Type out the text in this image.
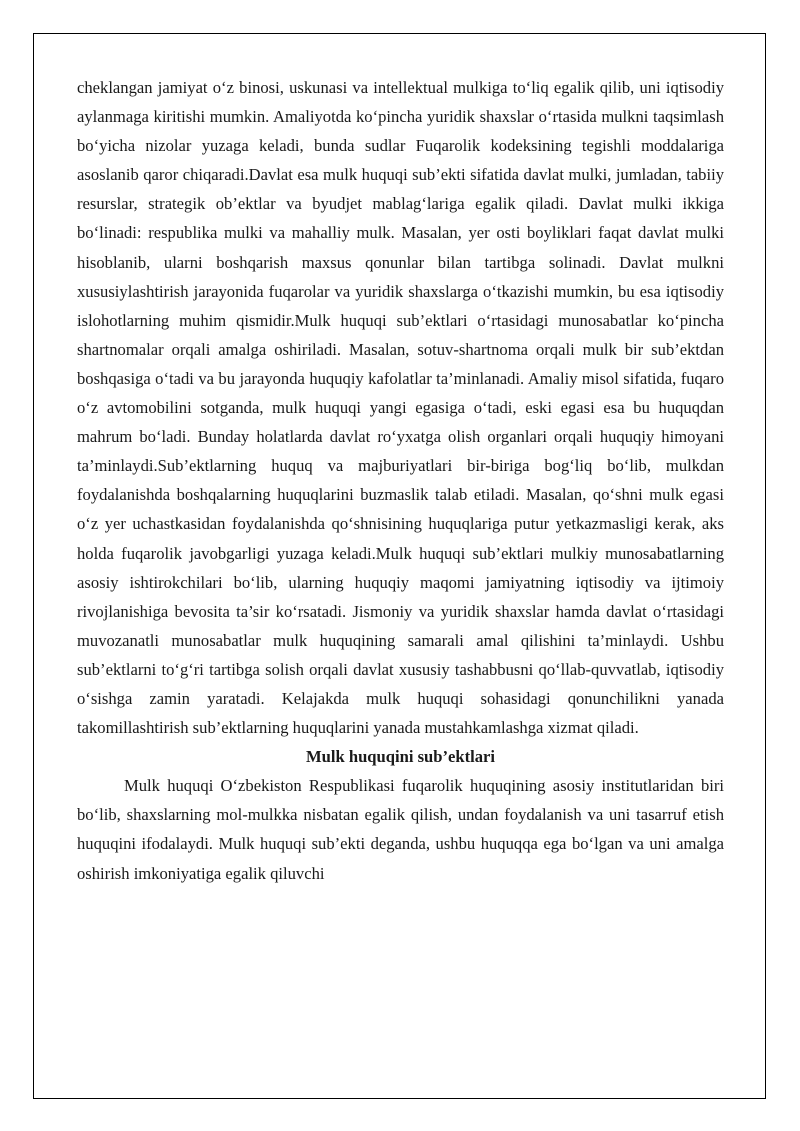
cheklangan jamiyat o‘z binosi, uskunasi va intellektual mulkiga to‘liq egalik qilib, uni iqtisodiy aylanmaga kiritishi mumkin. Amaliyotda ko‘pincha yuridik shaxslar o‘rtasida mulkni taqsimlash bo‘yicha nizolar yuzaga keladi, bunda sudlar Fuqarolik kodeksining tegishli moddalariga asoslanib qaror chiqaradi.Davlat esa mulk huquqi sub’ekti sifatida davlat mulki, jumladan, tabiiy resurslar, strategik ob’ektlar va byudjet mablag‘lariga egalik qiladi. Davlat mulki ikkiga bo‘linadi: respublika mulki va mahalliy mulk. Masalan, yer osti boyliklari faqat davlat mulki hisoblanib, ularni boshqarish maxsus qonunlar bilan tartibga solinadi. Davlat mulkni xususiylashtirish jarayonida fuqarolar va yuridik shaxslarga o‘tkazishi mumkin, bu esa iqtisodiy islohotlarning muhim qismidir.Mulk huquqi sub’ektlari o‘rtasidagi munosabatlar ko‘pincha shartnomalar orqali amalga oshiriladi. Masalan, sotuv-shartnoma orqali mulk bir sub’ektdan boshqasiga o‘tadi va bu jarayonda huquqiy kafolatlar ta’minlanadi. Amaliy misol sifatida, fuqaro o‘z avtomobilini sotganda, mulk huquqi yangi egasiga o‘tadi, eski egasi esa bu huquqdan mahrum bo‘ladi. Bunday holatlarda davlat ro‘yxatga olish organlari orqali huquqiy himoyani ta’minlaydi.Sub’ektlarning huquq va majburiyatlari bir-biriga bog‘liq bo‘lib, mulkdan foydalanishda boshqalarning huquqlarini buzmaslik talab etiladi. Masalan, qo‘shni mulk egasi o‘z yer uchastkasidan foydalanishda qo‘shnisining huquqlariga putur yetkazmasligi kerak, aks holda fuqarolik javobgarligi yuzaga keladi.Mulk huquqi sub’ektlari mulkiy munosabatlarning asosiy ishtirokchilari bo‘lib, ularning huquqiy maqomi jamiyatning iqtisodiy va ijtimoiy rivojlanishiga bevosita ta’sir ko‘rsatadi. Jismoniy va yuridik shaxslar hamda davlat o‘rtasidagi muvozanatli munosabatlar mulk huquqining samarali amal qilishini ta’minlaydi. Ushbu sub’ektlarni to‘g‘ri tartibga solish orqali davlat xususiy tashabbusni qo‘llab-quvvatlab, iqtisodiy o‘sishga zamin yaratadi. Kelajakda mulk huquqi sohasidagi qonunchilikni yanada takomillashtirish sub’ektlarning huquqlarini yanada mustahkamlashga xizmat qiladi.

Mulk huquqini sub’ektlari

Mulk huquqi O‘zbekiston Respublikasi fuqarolik huquqining asosiy institutlaridan biri bo‘lib, shaxslarning mol-mulkka nisbatan egalik qilish, undan foydalanish va uni tasarruf etish huquqini ifodalaydi. Mulk huquqi sub’ekti deganda, ushbu huquqqa ega bo‘lgan va uni amalga oshirish imkoniyatiga egalik qiluvchi
